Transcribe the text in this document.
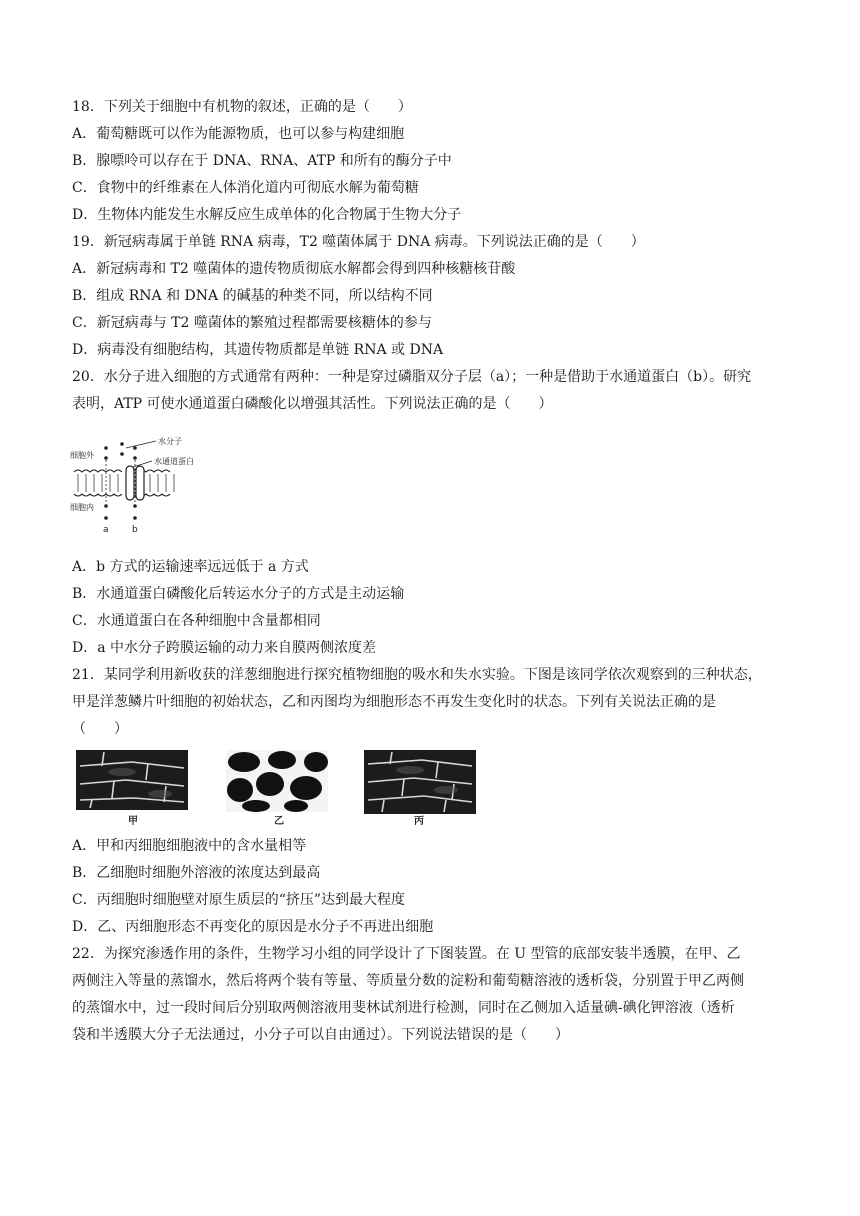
18．下列关于细胞中有机物的叙述，正确的是（　　）
A．葡萄糖既可以作为能源物质，也可以参与构建细胞
B．腺嘌呤可以存在于 DNA、RNA、ATP 和所有的酶分子中
C．食物中的纤维素在人体消化道内可彻底水解为葡萄糖
D．生物体内能发生水解反应生成单体的化合物属于生物大分子
19．新冠病毒属于单链 RNA 病毒，T2 噬菌体属于 DNA 病毒。下列说法正确的是（　　）
A．新冠病毒和 T2 噬菌体的遗传物质彻底水解都会得到四种核糖核苷酸
B．组成 RNA 和 DNA 的碱基的种类不同，所以结构不同
C．新冠病毒与 T2 噬菌体的繁殖过程都需要核糖体的参与
D．病毒没有细胞结构，其遗传物质都是单链 RNA 或 DNA
20．水分子进入细胞的方式通常有两种：一种是穿过磷脂双分子层（a）；一种是借助于水通道蛋白（b）。研究
表明，ATP 可使水通道蛋白磷酸化以增强其活性。下列说法正确的是（　　）
细胞外
细胞内
水分子
水通道蛋白
a	b
A．b 方式的运输速率远远低于 a 方式
B．水通道蛋白磷酸化后转运水分子的方式是主动运输
C．水通道蛋白在各种细胞中含量都相同
D．a 中水分子跨膜运输的动力来自膜两侧浓度差
21．某同学利用新收获的洋葱细胞进行探究植物细胞的吸水和失水实验。下图是该同学依次观察到的三种状态，
甲是洋葱鳞片叶细胞的初始状态，乙和丙图均为细胞形态不再发生变化时的状态。下列有关说法正确的是
（　　）
甲	乙	丙
A．甲和丙细胞细胞液中的含水量相等
B．乙细胞时细胞外溶液的浓度达到最高
C．丙细胞时细胞壁对原生质层的“挤压”达到最大程度
D．乙、丙细胞形态不再变化的原因是水分子不再进出细胞
22．为探究渗透作用的条件，生物学习小组的同学设计了下图装置。在 U 型管的底部安装半透膜，在甲、乙
两侧注入等量的蒸馏水，然后将两个装有等量、等质量分数的淀粉和葡萄糖溶液的透析袋，分别置于甲乙两侧
的蒸馏水中，过一段时间后分别取两侧溶液用斐林试剂进行检测，同时在乙侧加入适量碘-碘化钾溶液（透析
袋和半透膜大分子无法通过，小分子可以自由通过）。下列说法错误的是（　　）
